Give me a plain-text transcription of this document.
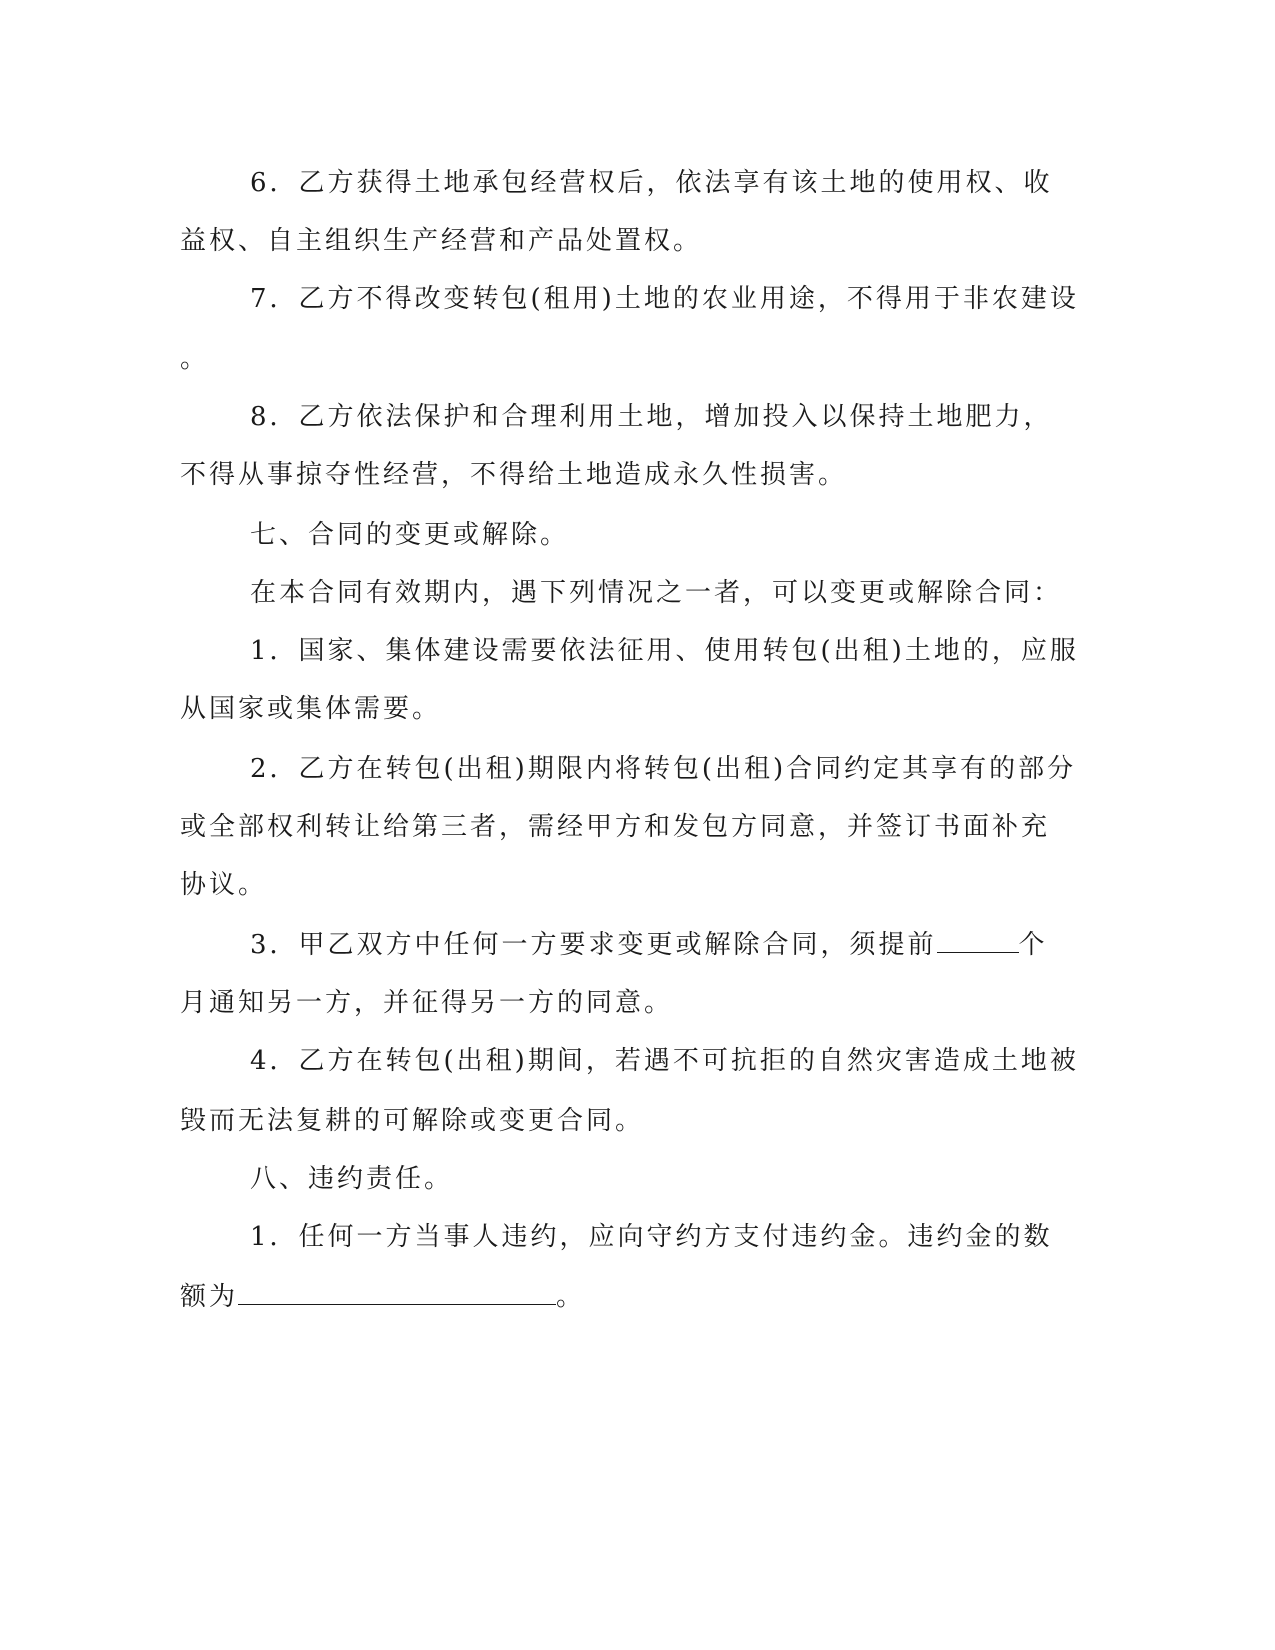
6．乙方获得土地承包经营权后，依法享有该土地的使用权、收
益权、自主组织生产经营和产品处置权。
7．乙方不得改变转包(租用)土地的农业用途，不得用于非农建设
。
8．乙方依法保护和合理利用土地，增加投入以保持土地肥力，
不得从事掠夺性经营，不得给土地造成永久性损害。
七、合同的变更或解除。
在本合同有效期内，遇下列情况之一者，可以变更或解除合同：
1．国家、集体建设需要依法征用、使用转包(出租)土地的，应服
从国家或集体需要。
2．乙方在转包(出租)期限内将转包(出租)合同约定其享有的部分
或全部权利转让给第三者，需经甲方和发包方同意，并签订书面补充
协议。
3．甲乙双方中任何一方要求变更或解除合同，须提前	个
月通知另一方，并征得另一方的同意。
4．乙方在转包(出租)期间，若遇不可抗拒的自然灾害造成土地被
毁而无法复耕的可解除或变更合同。
八、违约责任。
1．任何一方当事人违约，应向守约方支付违约金。违约金的数
额为	。
